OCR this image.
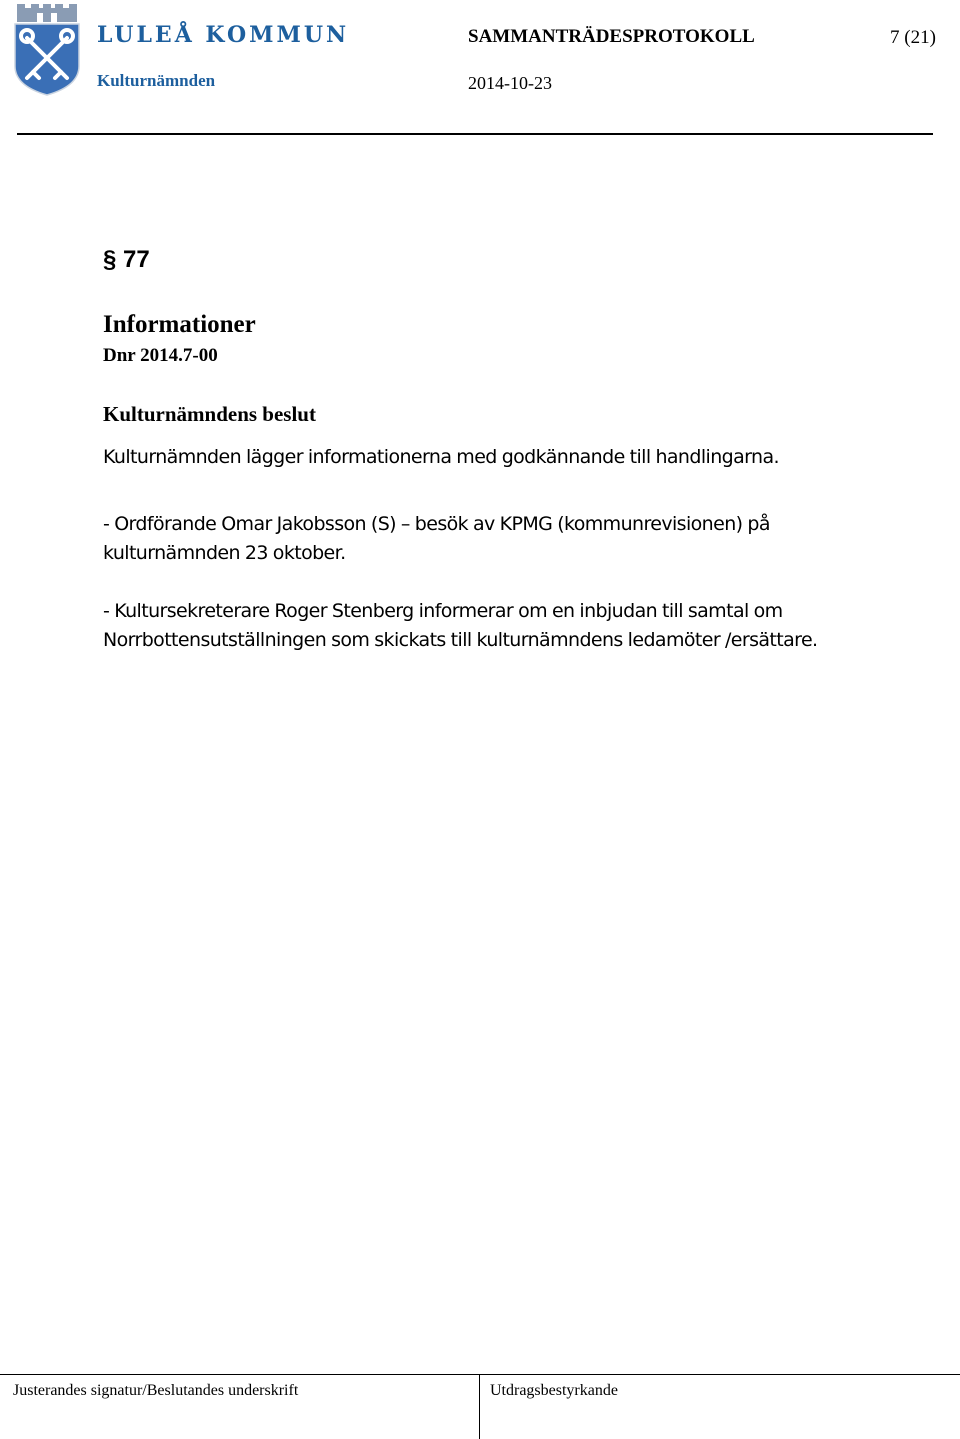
LULEÅ KOMMUN
Kulturnämnden
SAMMANTRÄDESPROTOKOLL	7 (21)
2014-10-23
§ 77
Informationer
Dnr 2014.7-00
Kulturnämndens beslut
Kulturnämnden lägger informationerna med godkännande till handlingarna.
- Ordförande Omar Jakobsson (S) – besök av KPMG (kommunrevisionen) på kulturnämnden 23 oktober.
- Kultursekreterare Roger Stenberg informerar om en inbjudan till samtal om Norrbottensutställningen som skickats till kulturnämndens ledamöter /ersättare.
Justerandes signatur/Beslutandes underskrift	Utdragsbestyrkande
